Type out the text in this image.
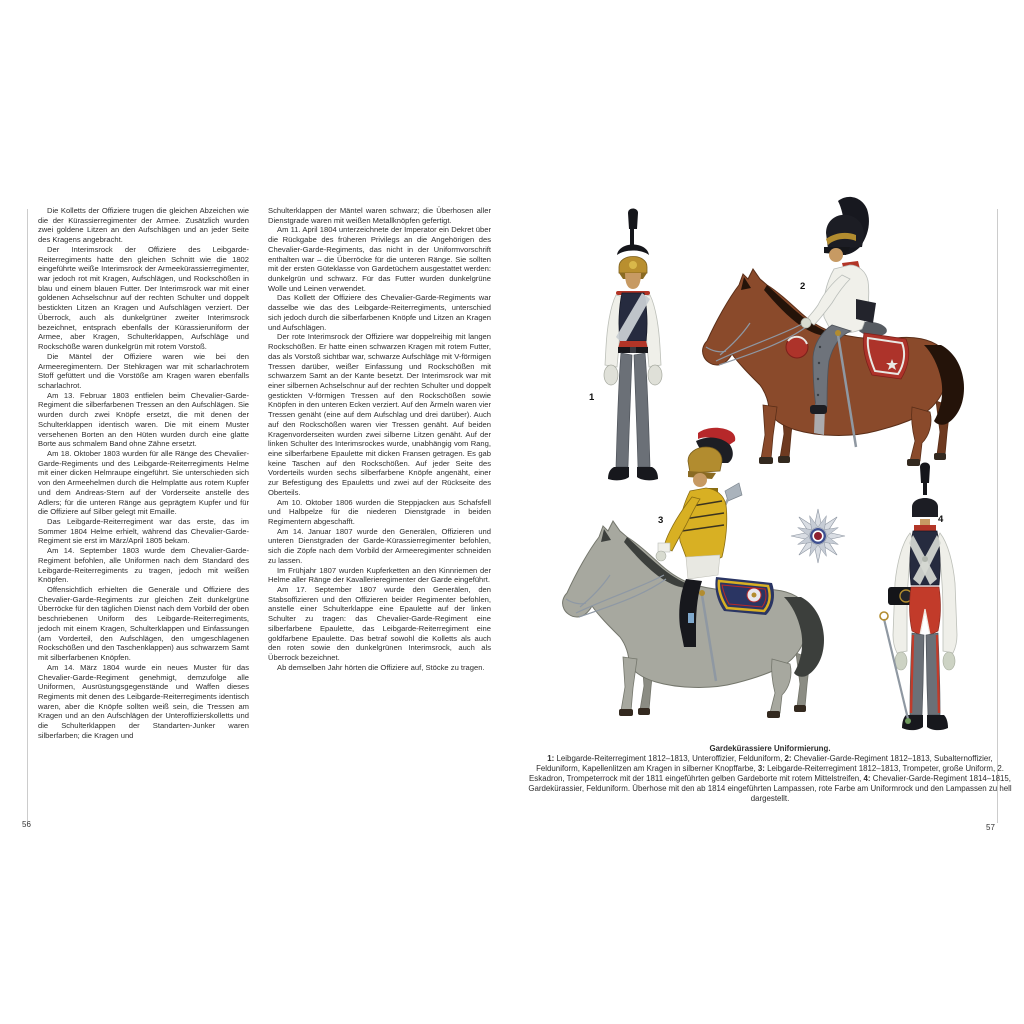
Die Kolletts der Offiziere trugen die gleichen Abzeichen wie die der Kürassierregimenter der Armee. Zusätzlich wurden zwei goldene Litzen an den Aufschlägen und an jeder Seite des Kragens angebracht.

Der Interimsrock der Offiziere des Leibgarde-Reiterregiments hatte den gleichen Schnitt wie die 1802 eingeführte weiße Interimsrock der Armeekürassierregimenter, war jedoch rot mit Kragen, Aufschlägen, und Rockschößen in blau und einem blauen Futter. Der Interimsrock war mit einer goldenen Achselschnur auf der rechten Schulter und doppelt bestickten Litzen an Kragen und Aufschlägen verziert. Der Überrock, auch als dunkelgrüner zweiter Interimsrock bezeichnet, entsprach ebenfalls der Kürassieruniform der Armee, aber Kragen, Schulterklappen, Aufschläge und Rockschöße waren dunkelgrün mit rotem Vorstoß.

Die Mäntel der Offiziere waren wie bei den Armeeregimentern. Der Stehkragen war mit scharlachrotem Stoff gefüttert und die Vorstöße am Kragen waren ebenfalls scharlachrot.

Am 13. Februar 1803 entfielen beim Chevalier-Garde-Regiment die silberfarbenen Tressen an den Aufschlägen. Sie wurden durch zwei Knöpfe ersetzt, die mit denen der Schulterklappen identisch waren. Die mit einem Muster versehenen Borten an den Hüten wurden durch eine glatte Borte aus schmalem Band ohne Zähne ersetzt.

Am 18. Oktober 1803 wurden für alle Ränge des Chevalier-Garde-Regiments und des Leibgarde-Reiterregiments Helme mit einer dicken Helmraupe eingeführt. Sie unterschieden sich von den Armeehelmen durch die Helmplatte aus rotem Kupfer und dem Andreas-Stern auf der Vorderseite anstelle des Adlers; für die unteren Ränge aus geprägtem Kupfer und für die Offiziere auf Silber gelegt mit Emaille.

Das Leibgarde-Reiterregiment war das erste, das im Sommer 1804 Helme erhielt, während das Chevalier-Garde-Regiment sie erst im März/April 1805 bekam.

Am 14. September 1803 wurde dem Chevalier-Garde-Regiment befohlen, alle Uniformen nach dem Standard des Leibgarde-Reiterregiments zu tragen, jedoch mit weißen Knöpfen.

Offensichtlich erhielten die Generäle und Offiziere des Chevalier-Garde-Regiments zur gleichen Zeit dunkelgrüne Überröcke für den täglichen Dienst nach dem Vorbild der oben beschriebenen Uniform des Leibgarde-Reiterregiments, jedoch mit einem Kragen, Schulterklappen und Einfassungen (am Vorderteil, den Aufschlägen, den umgeschlagenen Rockschößen und den Taschenklappen) aus schwarzem Samt mit silberfarbenen Knöpfen.

Am 14. März 1804 wurde ein neues Muster für das Chevalier-Garde-Regiment genehmigt, demzufolge alle Uniformen, Ausrüstungsgegenstände und Waffen dieses Regiments mit denen des Leibgarde-Reiterregiments identisch waren, aber die Knöpfe sollten weiß sein, die Tressen am Kragen und an den Aufschlägen der Unteroffizierskolletts und die Schulterklappen der Standarten-Junker waren silberfarben; die Kragen und

Schulterklappen der Mäntel waren schwarz; die Überhosen aller Dienstgrade waren mit weißen Metallknöpfen gefertigt.

Am 11. April 1804 unterzeichnete der Imperator ein Dekret über die Rückgabe des früheren Privilegs an die Angehörigen des Chevalier-Garde-Regiments, das nicht in der Uniformvorschrift enthalten war – die Überröcke für die unteren Ränge. Sie sollten mit der ersten Güteklasse von Gardetüchern ausgestattet werden: dunkelgrün und schwarz. Für das Futter wurden dunkelgrüne Wolle und Leinen verwendet.

Das Kollett der Offiziere des Chevalier-Garde-Regiments war dasselbe wie das des Leibgarde-Reiterregiments, unterschied sich jedoch durch die silberfarbenen Knöpfe und Litzen an Kragen und Aufschlägen.

Der rote Interimsrock der Offiziere war doppelreihig mit langen Rockschößen. Er hatte einen schwarzen Kragen mit rotem Futter, das als Vorstoß sichtbar war, schwarze Aufschläge mit V-förmigen Tressen darüber, weißer Einfassung und Rockschößen mit schwarzem Samt an der Kante besetzt. Der Interimsrock war mit einer silbernen Achselschnur auf der rechten Schulter und doppelt gestickten V-förmigen Tressen auf den Rockschößen sowie Knöpfen in den unteren Ecken verziert. Auf den Ärmeln waren vier Tressen genäht (eine auf dem Aufschlag und drei darüber). Auch auf den Rockschößen waren vier Tressen genäht. Auf beiden Kragenvorderseiten wurden zwei silberne Litzen genäht. Auf der linken Schulter des Interimsrockes wurde, unabhängig vom Rang, eine silberfarbene Epaulette mit dicken Fransen getragen. Es gab keine Taschen auf den Rockschößen. Auf jeder Seite des Vorderteils wurden sechs silberfarbene Knöpfe angenäht, einer zur Befestigung des Epauletts und zwei auf der Rückseite des Oberteils.

Am 10. Oktober 1806 wurden die Steppjacken aus Schafsfell und Halbpelze für die niederen Dienstgrade in beiden Regimentern abgeschafft.

Am 14. Januar 1807 wurde den Generälen, Offizieren und unteren Dienstgraden der Garde-Kürassierregimenter befohlen, sich die Zöpfe nach dem Vorbild der Armeeregimenter schneiden zu lassen.

Im Frühjahr 1807 wurden Kupferketten an den Kinnriemen der Helme aller Ränge der Kavallerieregimenter der Garde eingeführt.

Am 17. September 1807 wurde den Generälen, den Stabsoffizieren und den Offizieren beider Regimenter befohlen, anstelle einer Schulterklappe eine Epaulette auf der linken Schulter zu tragen: das Chevalier-Garde-Regiment eine silberfarbene Epaulette, das Leibgarde-Reiterregiment eine goldfarbene Epaulette. Das betraf sowohl die Kolletts als auch den roten sowie den dunkelgrünen Interimsrock, auch als Überrock bezeichnet.

Ab demselben Jahr hörten die Offiziere auf, Stöcke zu tragen.

1
2
3	4
Gardekürassiere Uniformierung.
1: Leibgarde-Reiterregiment 1812–1813, Unteroffizier, Felduniform, 2: Chevalier-Garde-Regiment 1812–1813, Subalternoffizier, Felduniform, Kapellenlitzen am Kragen in silberner Knopffarbe, 3: Leibgarde-Reiterregiment 1812–1813, Trompeter, große Uniform, 2. Eskadron, Trompeterrock mit der 1811 eingeführten gelben Gardeborte mit rotem Mittelstreifen, 4: Chevalier-Garde-Regiment 1814–1815, Gardekürassier, Felduniform. Überhose mit den ab 1814 eingeführten Lampassen, rote Farbe am Uniformrock und den Lampassen zu hell dargestellt.
56	57
